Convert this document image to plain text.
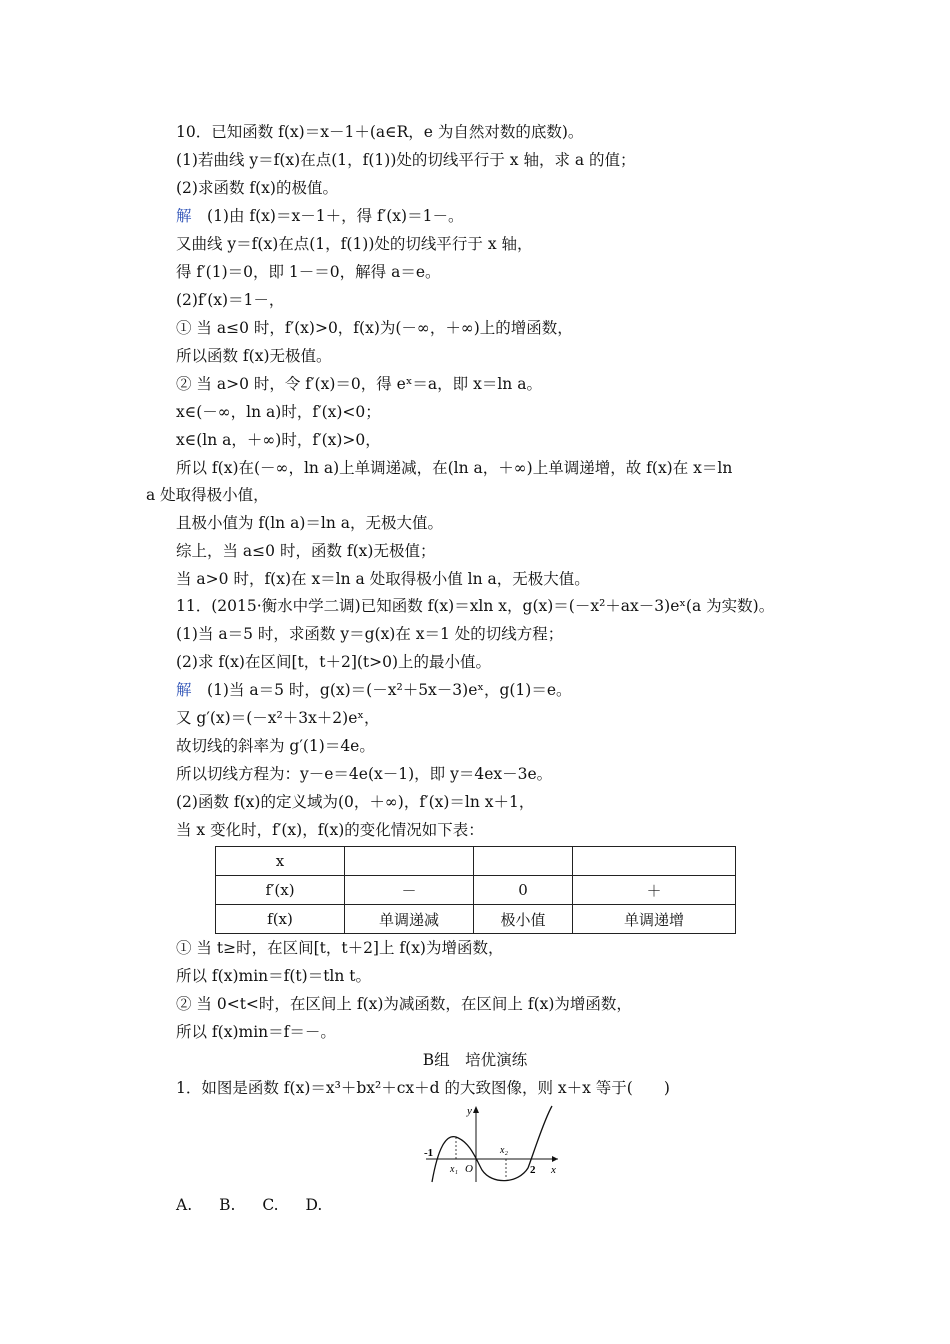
10．已知函数 f(x)＝x－1＋(a∈R，e 为自然对数的底数)。
(1)若曲线 y＝f(x)在点(1，f(1))处的切线平行于 x 轴，求 a 的值；
(2)求函数 f(x)的极值。
解　(1)由 f(x)＝x－1＋，得 f′(x)＝1－。
又曲线 y＝f(x)在点(1，f(1))处的切线平行于 x 轴，
得 f′(1)＝0，即 1－＝0，解得 a＝e。
(2)f′(x)＝1－，
① 当 a≤0 时，f′(x)>0，f(x)为(－∞，＋∞)上的增函数，
所以函数 f(x)无极值。
② 当 a>0 时，令 f′(x)＝0，得 eˣ＝a，即 x＝ln a。
x∈(－∞，ln a)时，f′(x)<0；
x∈(ln a，＋∞)时，f′(x)>0，
所以 f(x)在(－∞，ln a)上单调递减，在(ln a，＋∞)上单调递增，故 f(x)在 x＝ln
a 处取得极小值，
且极小值为 f(ln a)＝ln a，无极大值。
综上，当 a≤0 时，函数 f(x)无极值；
当 a>0 时，f(x)在 x＝ln a 处取得极小值 ln a，无极大值。
11．(2015·衡水中学二调)已知函数 f(x)＝xln x，g(x)＝(－x²＋ax－3)eˣ(a 为实数)。
(1)当 a＝5 时，求函数 y＝g(x)在 x＝1 处的切线方程；
(2)求 f(x)在区间[t，t＋2](t>0)上的最小值。
解　(1)当 a＝5 时，g(x)＝(－x²＋5x－3)eˣ，g(1)＝e。
又 g′(x)＝(－x²＋3x＋2)eˣ，
故切线的斜率为 g′(1)＝4e。
所以切线方程为：y－e＝4e(x－1)，即 y＝4ex－3e。
(2)函数 f(x)的定义域为(0，＋∞)，f′(x)＝ln x＋1，
当 x 变化时，f′(x)，f(x)的变化情况如下表：
x			
f′(x)	－	0	＋
f(x)	单调递减	极小值	单调递增
① 当 t≥时，在区间[t，t＋2]上 f(x)为增函数，
所以 f(x)min＝f(t)＝tln t。
② 当 0<t<时，在区间上 f(x)为减函数，在区间上 f(x)为增函数，
所以 f(x)min＝f＝－。
B组　培优演练
1．如图是函数 f(x)＝x³＋bx²＋cx＋d 的大致图像，则 x＋x 等于(　　)
y
x
-1
x₁ O
x₂
2
A. B. C. D.
